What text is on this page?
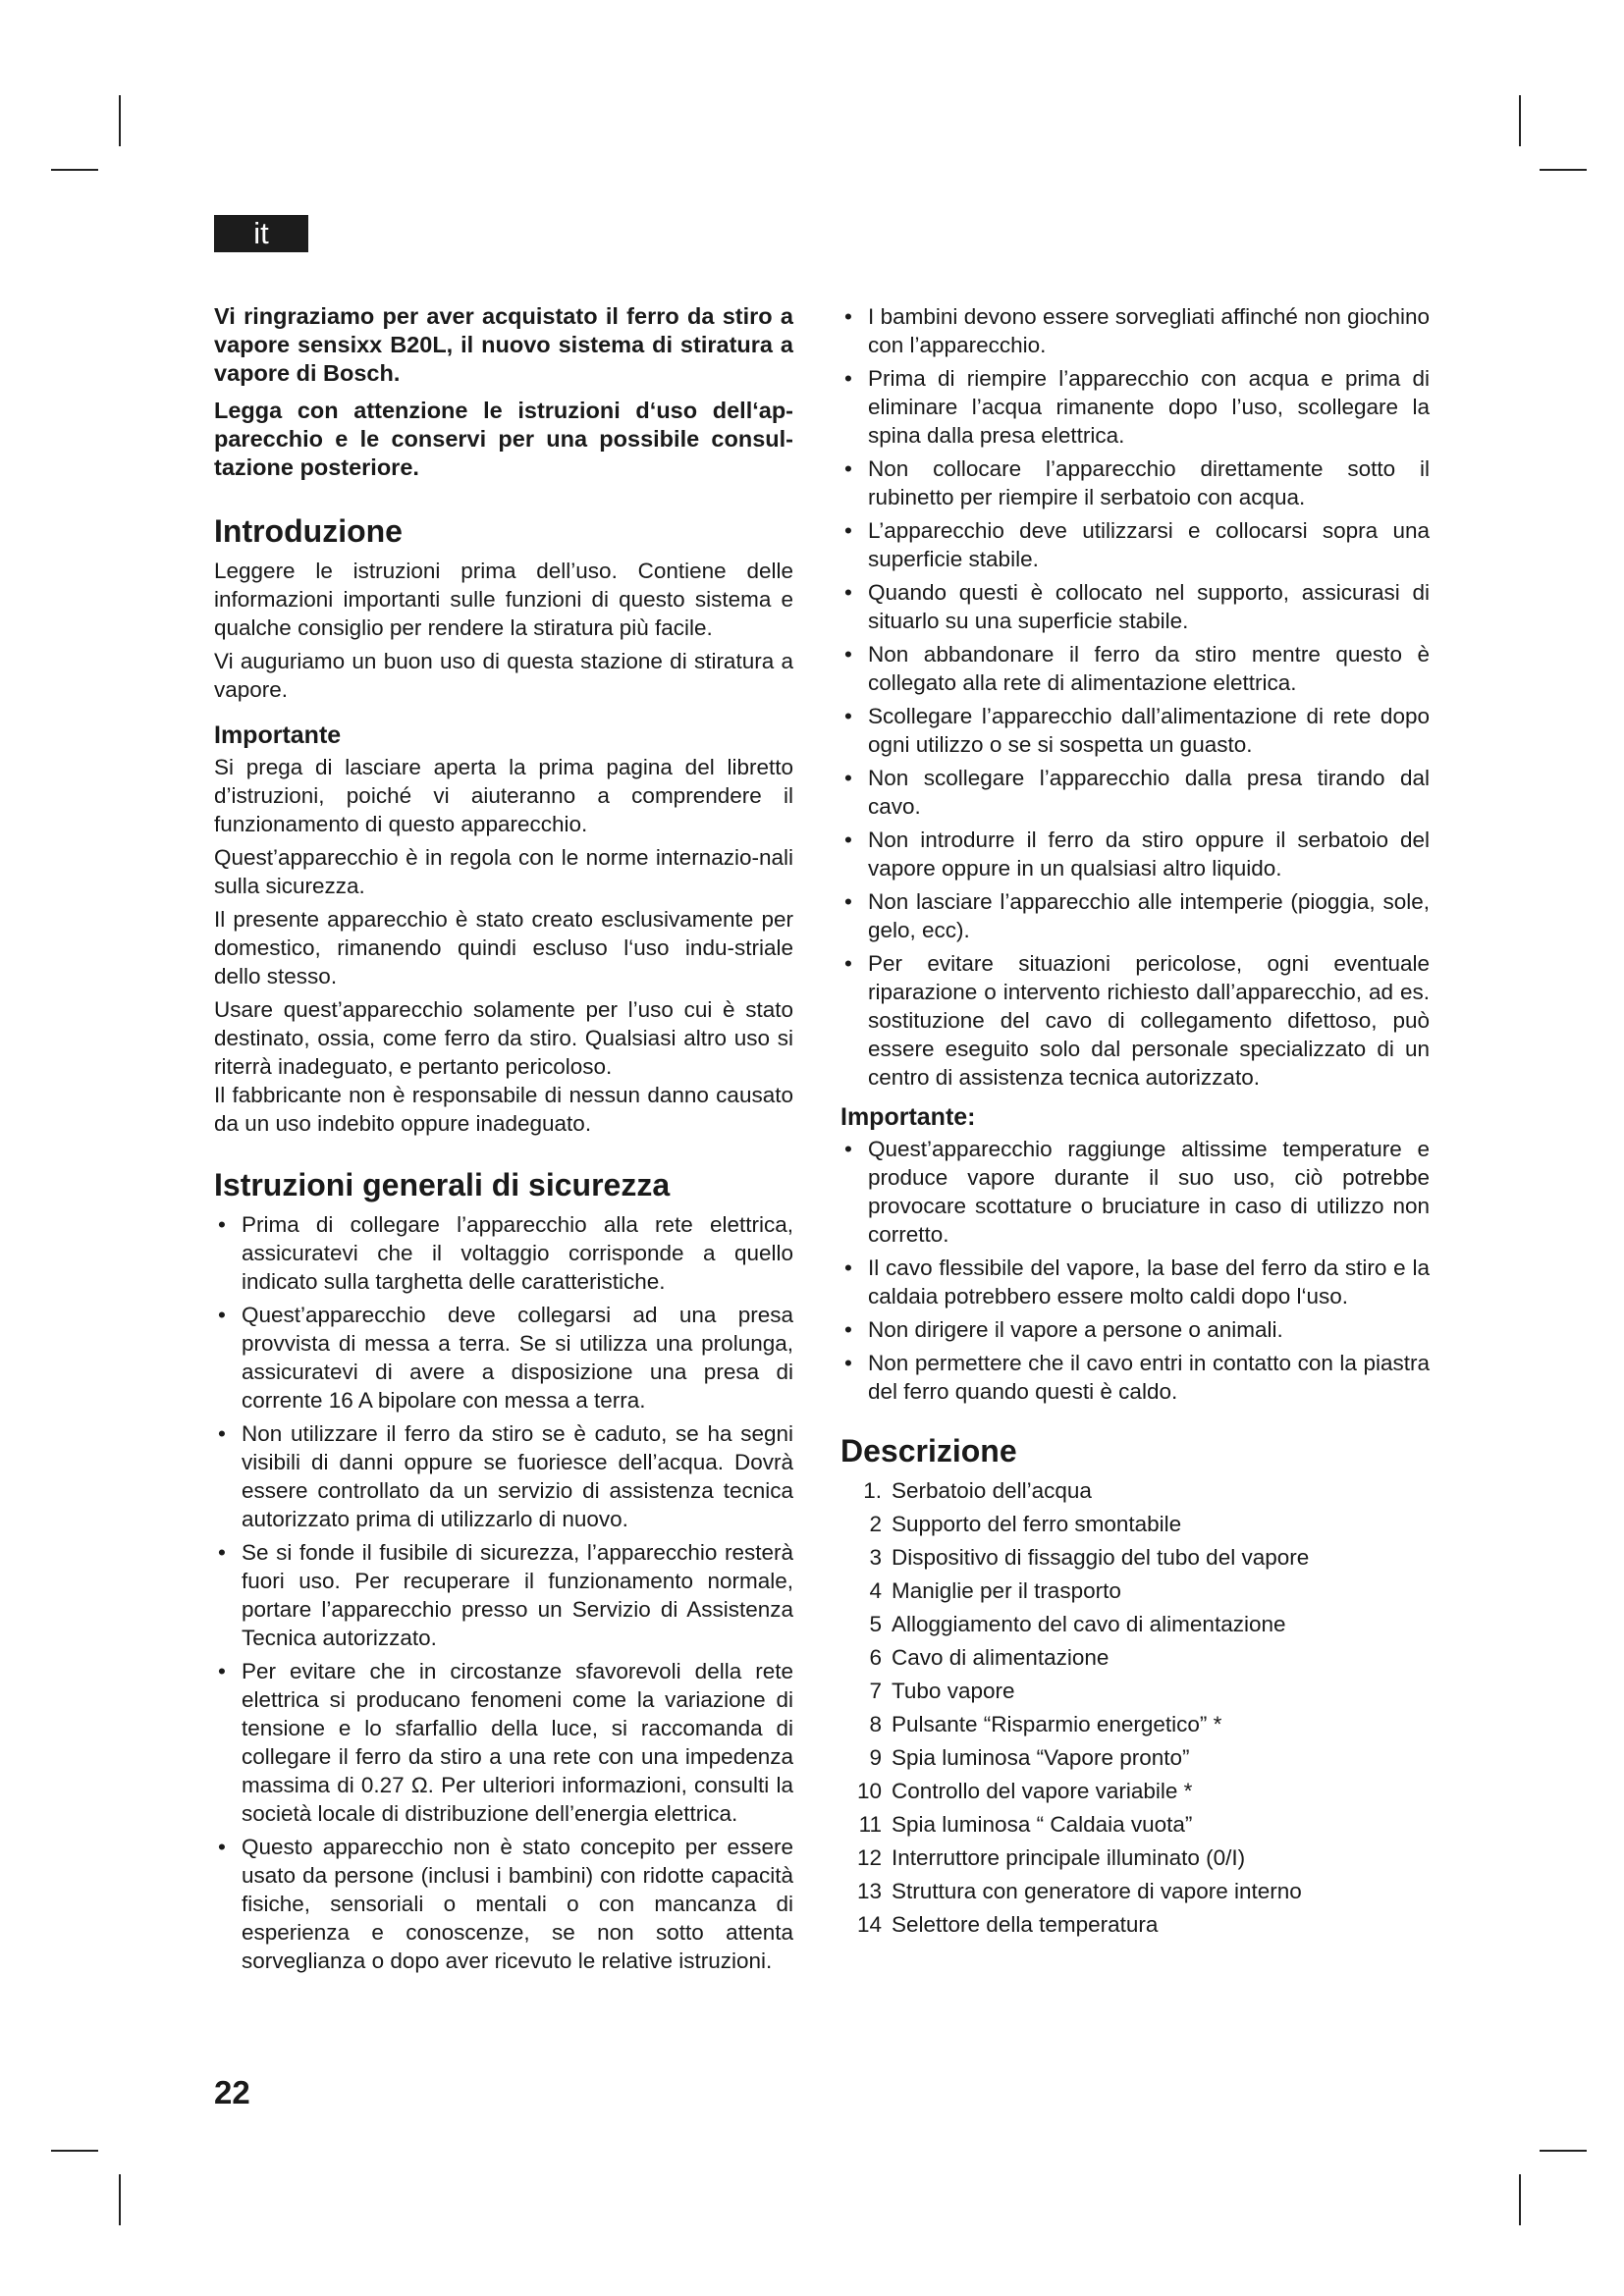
it

Vi ringraziamo per aver acquistato il ferro da stiro a vapore sensixx B20L, il nuovo sistema di stiratura a vapore di Bosch.

Legga con attenzione le istruzioni d‘uso dell‘ap-parecchio e le conservi per una possibile consul-tazione posteriore.

Introduzione

Leggere le istruzioni prima dell’uso. Contiene delle informazioni importanti sulle funzioni di questo sistema e qualche consiglio per rendere la stiratura più facile.

Vi auguriamo un buon uso di questa stazione di stiratura a vapore.

Importante

Si prega di lasciare aperta la prima pagina del libretto d’istruzioni, poiché vi aiuteranno a comprendere il funzionamento di questo apparecchio.

Quest’apparecchio è in regola con le norme internazio-nali sulla sicurezza.

Il presente apparecchio è stato creato esclusivamente per domestico, rimanendo quindi escluso l‘uso indu-striale dello stesso.

Usare quest’apparecchio solamente per l’uso cui è stato destinato, ossia, come ferro da stiro. Qualsiasi altro uso si riterrà inadeguato, e pertanto pericoloso.

Il fabbricante non è responsabile di nessun danno causato da un uso indebito oppure inadeguato.

Istruzioni generali di sicurezza
• Prima di collegare l’apparecchio alla rete elettrica, assicuratevi che il voltaggio corrisponde a quello indicato sulla targhetta delle caratteristiche.
• Quest’apparecchio deve collegarsi ad una presa provvista di messa a terra. Se si utilizza una prolunga, assicuratevi di avere a disposizione una presa di corrente 16 A bipolare con messa a terra.
• Non utilizzare il ferro da stiro se è caduto, se ha segni visibili di danni oppure se fuoriesce dell’acqua. Dovrà essere controllato da un servizio di assistenza tecnica autorizzato prima di utilizzarlo di nuovo.
• Se si fonde il fusibile di sicurezza, l’apparecchio resterà fuori uso. Per recuperare il funzionamento normale, portare l’apparecchio presso un Servizio di Assistenza Tecnica autorizzato.
• Per evitare che in circostanze sfavorevoli della rete elettrica si producano fenomeni come la variazione di tensione e lo sfarfallio della luce, si raccomanda di collegare il ferro da stiro a una rete con una impedenza massima di 0.27 Ω. Per ulteriori informazioni, consulti la società locale di distribuzione dell’energia elettrica.
• Questo apparecchio non è stato concepito per essere usato da persone (inclusi i bambini) con ridotte capacità fisiche, sensoriali o mentali o con mancanza di esperienza e conoscenze, se non sotto attenta sorveglianza o dopo aver ricevuto le relative istruzioni.
• I bambini devono essere sorvegliati affinché non giochino con l’apparecchio.
• Prima di riempire l’apparecchio con acqua e prima di eliminare l’acqua rimanente dopo l’uso, scollegare la spina dalla presa elettrica.
• Non collocare l’apparecchio direttamente sotto il rubinetto per riempire il serbatoio con acqua.
• L’apparecchio deve utilizzarsi e collocarsi sopra una superficie stabile.
• Quando questi è collocato nel supporto, assicurasi di situarlo su una superficie stabile.
• Non abbandonare il ferro da stiro mentre questo è collegato alla rete di alimentazione elettrica.
• Scollegare l’apparecchio dall’alimentazione di rete dopo ogni utilizzo o se si sospetta un guasto.
• Non scollegare l’apparecchio dalla presa tirando dal cavo.
• Non introdurre il ferro da stiro oppure il serbatoio del vapore oppure in un qualsiasi altro liquido.
• Non lasciare l’apparecchio alle intemperie (pioggia, sole, gelo, ecc).
• Per evitare situazioni pericolose, ogni eventuale riparazione o intervento richiesto dall’apparecchio, ad es. sostituzione del cavo di collegamento difettoso, può essere eseguito solo dal personale specializzato di un centro di assistenza tecnica autorizzato.
Importante:
• Quest’apparecchio raggiunge altissime temperature e produce vapore durante il suo uso, ciò potrebbe provocare scottature o bruciature in caso di utilizzo non corretto.
• Il cavo flessibile del vapore, la base del ferro da stiro e la caldaia potrebbero essere molto caldi dopo l‘uso.
• Non dirigere il vapore a persone o animali.
• Non permettere che il cavo entri in contatto con la piastra del ferro quando questi è caldo.
Descrizione
1. Serbatoio dell’acqua
2 Supporto del ferro smontabile
3 Dispositivo di fissaggio del tubo del vapore
4 Maniglie per il trasporto
5 Alloggiamento del cavo di alimentazione
6 Cavo di alimentazione
7 Tubo vapore
8 Pulsante “Risparmio energetico” *
9 Spia luminosa “Vapore pronto”
10 Controllo del vapore variabile *
11 Spia luminosa “ Caldaia vuota”
12 Interruttore principale illuminato (0/I)
13 Struttura con generatore di vapore interno
14 Selettore della temperatura
22
